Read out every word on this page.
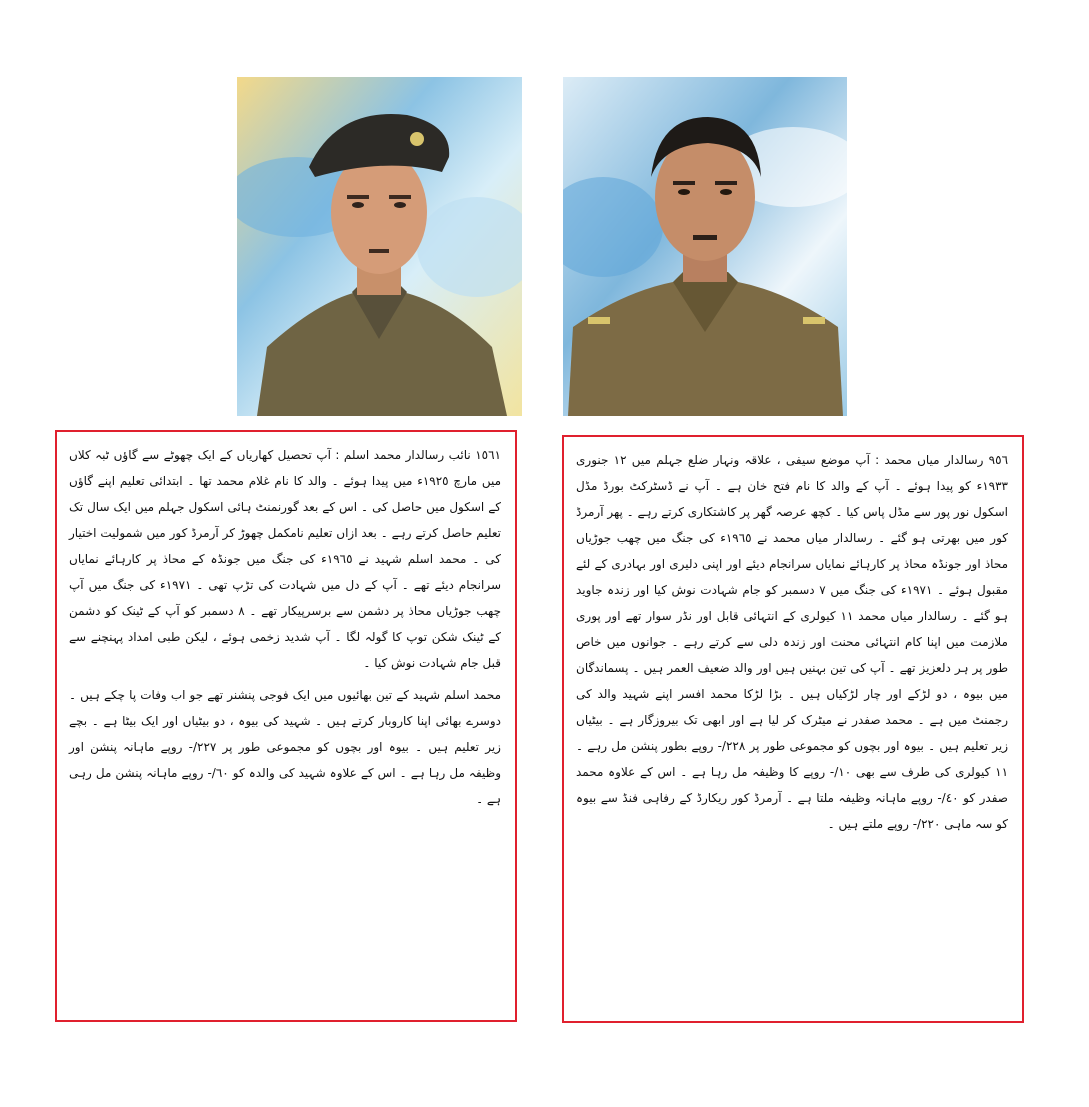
١٥٦١ نائب رسالدار محمد اسلم : آپ تحصیل کھاریاں کے ایک چھوٹے سے گاؤں ٹبہ کلاں میں مارچ ١٩٢٥ء میں پیدا ہوئے ۔ والد کا نام غلام محمد تھا ۔ ابتدائی تعلیم اپنے گاؤں کے اسکول میں حاصل کی ۔ اس کے بعد گورنمنٹ ہائی اسکول جہلم میں ایک سال تک تعلیم حاصل کرتے رہے ۔ بعد ازاں تعلیم نامکمل چھوڑ کر آرمرڈ کور میں شمولیت اختیار کی ۔ محمد اسلم شہید نے ١٩٦٥ء کی جنگ میں جونڈہ کے محاذ پر کارہائے نمایاں سرانجام دیئے تھے ۔ آپ کے دل میں شہادت کی تڑپ تھی ۔ ١٩٧١ء کی جنگ میں آپ چھب جوڑیاں محاذ پر دشمن سے برسرپیکار تھے ۔ ٨ دسمبر کو آپ کے ٹینک کو دشمن کے ٹینک شکن توپ کا گولہ لگا ۔ آپ شدید زخمی ہوئے ، لیکن طبی امداد پہنچنے سے قبل جام شہادت نوش کیا ۔

محمد اسلم شہید کے تین بھائیوں میں ایک فوجی پنشنر تھے جو اب وفات پا چکے ہیں ۔ دوسرے بھائی اپنا کاروبار کرتے ہیں ۔ شہید کی بیوہ ، دو بیٹیاں اور ایک بیٹا ہے ۔ بچے زیر تعلیم ہیں ۔ بیوہ اور بچوں کو مجموعی طور پر ٢٢٧/- روپے ماہانہ پنشن اور وظیفہ مل رہا ہے ۔ اس کے علاوہ شہید کی والدہ کو ٦٠/- روپے ماہانہ پنشن مل رہی ہے ۔

٩٥٦ رسالدار میاں محمد : آپ موضع سیفی ، علاقہ ونہار ضلع جہلم میں ١٢ جنوری ١٩٣٣ء کو پیدا ہوئے ۔ آپ کے والد کا نام فتح خان ہے ۔ آپ نے ڈسٹرکٹ بورڈ مڈل اسکول نور پور سے مڈل پاس کیا ۔ کچھ عرصہ گھر پر کاشتکاری کرتے رہے ۔ پھر آرمرڈ کور میں بھرتی ہو گئے ۔ رسالدار میاں محمد نے ١٩٦٥ء کی جنگ میں چھب جوڑیاں محاذ اور جونڈہ محاذ پر کارہائے نمایاں سرانجام دیئے اور اپنی دلیری اور بہادری کے لئے مقبول ہوئے ۔ ١٩٧١ء کی جنگ میں ٧ دسمبر کو جام شہادت نوش کیا اور زندہ جاوید ہو گئے ۔ رسالدار میاں محمد ١١ کیولری کے انتہائی قابل اور نڈر سوار تھے اور پوری ملازمت میں اپنا کام انتہائی محنت اور زندہ دلی سے کرتے رہے ۔ جوانوں میں خاص طور پر ہر دلعزیز تھے ۔ آپ کی تین بہنیں ہیں اور والد ضعیف العمر ہیں ۔ پسماندگان میں بیوہ ، دو لڑکے اور چار لڑکیاں ہیں ۔ بڑا لڑکا محمد افسر اپنے شہید والد کی رجمنٹ میں ہے ۔ محمد صفدر نے میٹرک کر لیا ہے اور ابھی تک بیروزگار ہے ۔ بیٹیاں زیر تعلیم ہیں ۔ بیوہ اور بچوں کو مجموعی طور پر ٢٢٨/- روپے بطور پنشن مل رہے ۔ ١١ کیولری کی طرف سے بھی ١٠/- روپے کا وظیفہ مل رہا ہے ۔ اس کے علاوہ محمد صفدر کو ٤٠/- روپے ماہانہ وظیفہ ملتا ہے ۔ آرمرڈ کور ریکارڈ کے رفاہی فنڈ سے بیوہ کو سہ ماہی ٢٢٠/- روپے ملتے ہیں ۔
